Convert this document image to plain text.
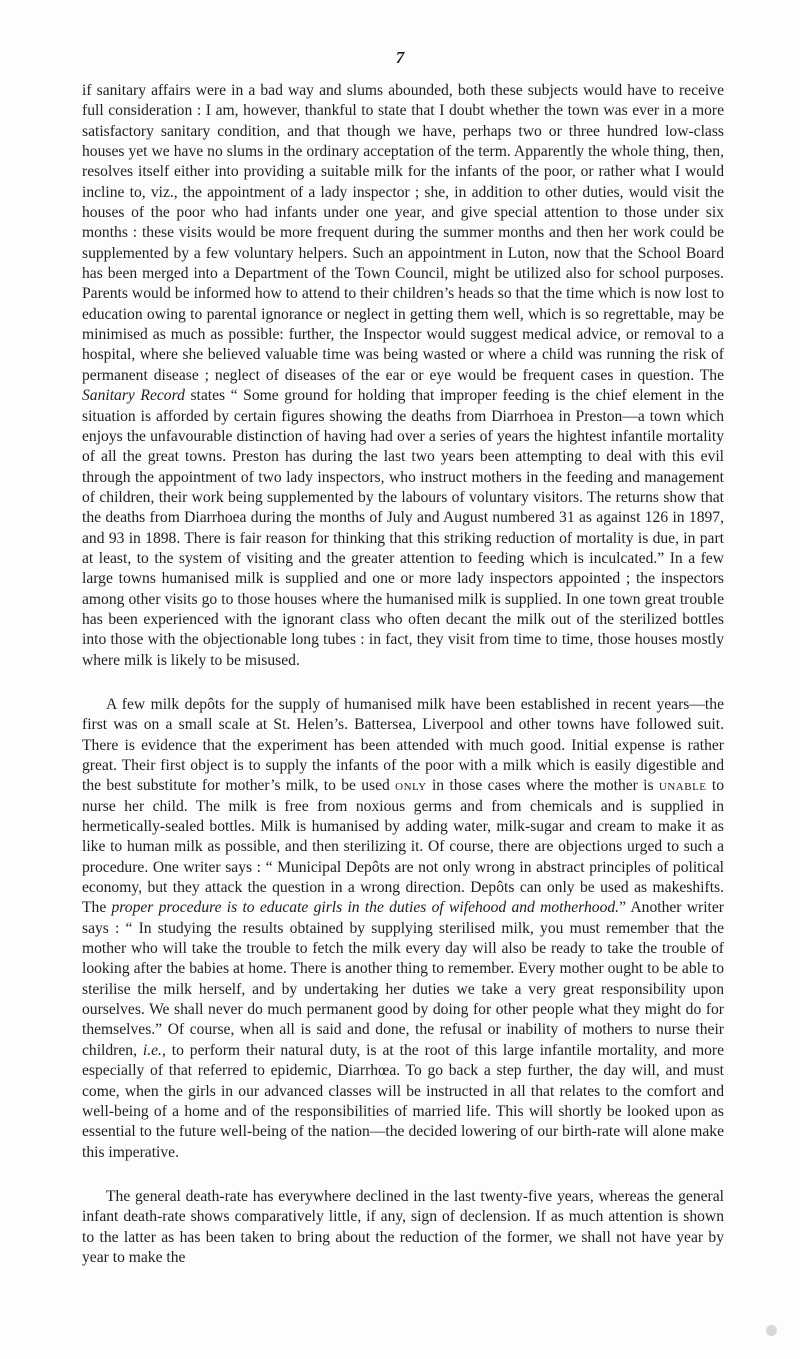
7

if sanitary affairs were in a bad way and slums abounded, both these subjects would have to receive full consideration : I am, however, thankful to state that I doubt whether the town was ever in a more satisfactory sanitary condition, and that though we have, perhaps two or three hundred low-class houses yet we have no slums in the ordinary acceptation of the term. Apparently the whole thing, then, resolves itself either into providing a suitable milk for the infants of the poor, or rather what I would incline to, viz., the appointment of a lady inspector ; she, in addition to other duties, would visit the houses of the poor who had infants under one year, and give special attention to those under six months : these visits would be more frequent during the summer months and then her work could be supplemented by a few voluntary helpers. Such an appointment in Luton, now that the School Board has been merged into a Department of the Town Council, might be utilized also for school purposes. Parents would be informed how to attend to their children’s heads so that the time which is now lost to education owing to parental ignorance or neglect in getting them well, which is so regrettable, may be minimised as much as possible: further, the Inspector would suggest medical advice, or removal to a hospital, where she believed valuable time was being wasted or where a child was running the risk of permanent disease ; neglect of diseases of the ear or eye would be frequent cases in question. The Sanitary Record states “ Some ground for holding that improper feeding is the chief element in the situation is afforded by certain figures showing the deaths from Diarrhoea in Preston—a town which enjoys the unfavourable distinction of having had over a series of years the hightest infantile mortality of all the great towns. Preston has during the last two years been attempting to deal with this evil through the appointment of two lady inspectors, who instruct mothers in the feeding and management of children, their work being supplemented by the labours of voluntary visitors. The returns show that the deaths from Diarrhoea during the months of July and August numbered 31 as against 126 in 1897, and 93 in 1898. There is fair reason for thinking that this striking reduction of mortality is due, in part at least, to the system of visiting and the greater attention to feeding which is inculcated.” In a few large towns humanised milk is supplied and one or more lady inspectors appointed ; the inspectors among other visits go to those houses where the humanised milk is supplied. In one town great trouble has been experienced with the ignorant class who often decant the milk out of the sterilized bottles into those with the objectionable long tubes : in fact, they visit from time to time, those houses mostly where milk is likely to be misused.

A few milk depôts for the supply of humanised milk have been established in recent years—the first was on a small scale at St. Helen’s. Battersea, Liverpool and other towns have followed suit. There is evidence that the experiment has been attended with much good. Initial expense is rather great. Their first object is to supply the infants of the poor with a milk which is easily digestible and the best substitute for mother’s milk, to be used only in those cases where the mother is unable to nurse her child. The milk is free from noxious germs and from chemicals and is supplied in hermetically-sealed bottles. Milk is humanised by adding water, milk-sugar and cream to make it as like to human milk as possible, and then sterilizing it. Of course, there are objections urged to such a procedure. One writer says : “ Municipal Depôts are not only wrong in abstract principles of political economy, but they attack the question in a wrong direction. Depôts can only be used as makeshifts. The proper procedure is to educate girls in the duties of wifehood and motherhood.” Another writer says : “ In studying the results obtained by supplying sterilised milk, you must remember that the mother who will take the trouble to fetch the milk every day will also be ready to take the trouble of looking after the babies at home. There is another thing to remember. Every mother ought to be able to sterilise the milk herself, and by undertaking her duties we take a very great responsibility upon ourselves. We shall never do much permanent good by doing for other people what they might do for themselves.” Of course, when all is said and done, the refusal or inability of mothers to nurse their children, i.e., to perform their natural duty, is at the root of this large infantile mortality, and more especially of that referred to epidemic, Diarrhœa. To go back a step further, the day will, and must come, when the girls in our advanced classes will be instructed in all that relates to the comfort and well-being of a home and of the responsibilities of married life. This will shortly be looked upon as essential to the future well-being of the nation—the decided lowering of our birth-rate will alone make this imperative.

The general death-rate has everywhere declined in the last twenty-five years, whereas the general infant death-rate shows comparatively little, if any, sign of declension. If as much attention is shown to the latter as has been taken to bring about the reduction of the former, we shall not have year by year to make the
